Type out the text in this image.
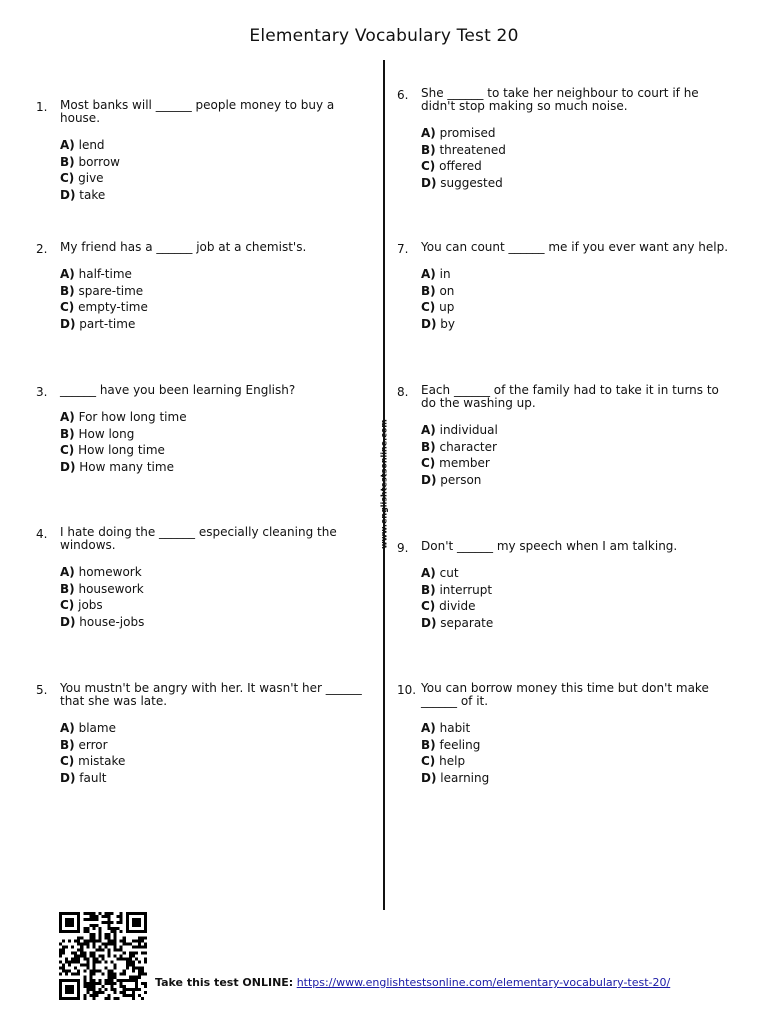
Elementary Vocabulary Test 20
www.englishtestsonline.com
1. Most banks will ______ people money to buy a house.
A) lend
B) borrow
C) give
D) take
2. My friend has a ______ job at a chemist's.
A) half-time
B) spare-time
C) empty-time
D) part-time
3. ______ have you been learning English?
A) For how long time
B) How long
C) How long time
D) How many time
4. I hate doing the ______ especially cleaning the windows.
A) homework
B) housework
C) jobs
D) house-jobs
5. You mustn't be angry with her. It wasn't her ______ that she was late.
A) blame
B) error
C) mistake
D) fault
6. She ______ to take her neighbour to court if he didn't stop making so much noise.
A) promised
B) threatened
C) offered
D) suggested
7. You can count ______ me if you ever want any help.
A) in
B) on
C) up
D) by
8. Each ______ of the family had to take it in turns to do the washing up.
A) individual
B) character
C) member
D) person
9. Don't ______ my speech when I am talking.
A) cut
B) interrupt
C) divide
D) separate
10. You can borrow money this time but don't make ______ of it.
A) habit
B) feeling
C) help
D) learning
Take this test ONLINE: https://www.englishtestsonline.com/elementary-vocabulary-test-20/
